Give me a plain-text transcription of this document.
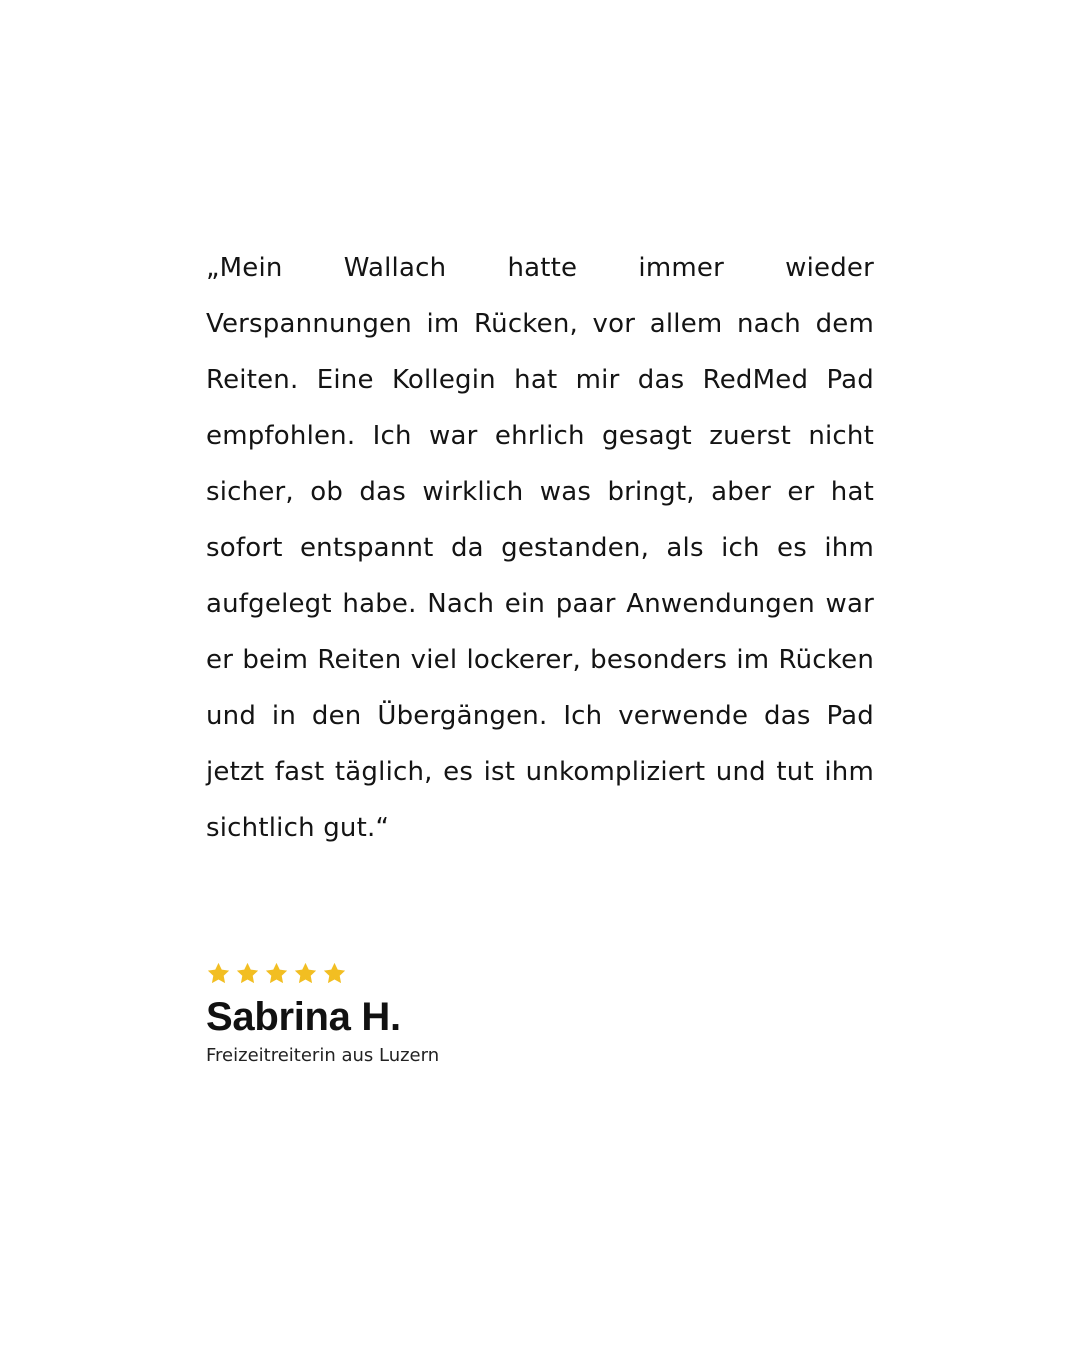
„Mein Wallach hatte immer wieder Verspannungen im Rücken, vor allem nach dem Reiten. Eine Kollegin hat mir das RedMed Pad empfohlen. Ich war ehrlich gesagt zuerst nicht sicher, ob das wirklich was bringt, aber er hat sofort entspannt da gestanden, als ich es ihm aufgelegt habe. Nach ein paar Anwendungen war er beim Reiten viel lockerer, besonders im Rücken und in den Übergängen. Ich verwende das Pad jetzt fast täglich, es ist unkompliziert und tut ihm sichtlich gut.“

Sabrina H.
Freizeitreiterin aus Luzern
